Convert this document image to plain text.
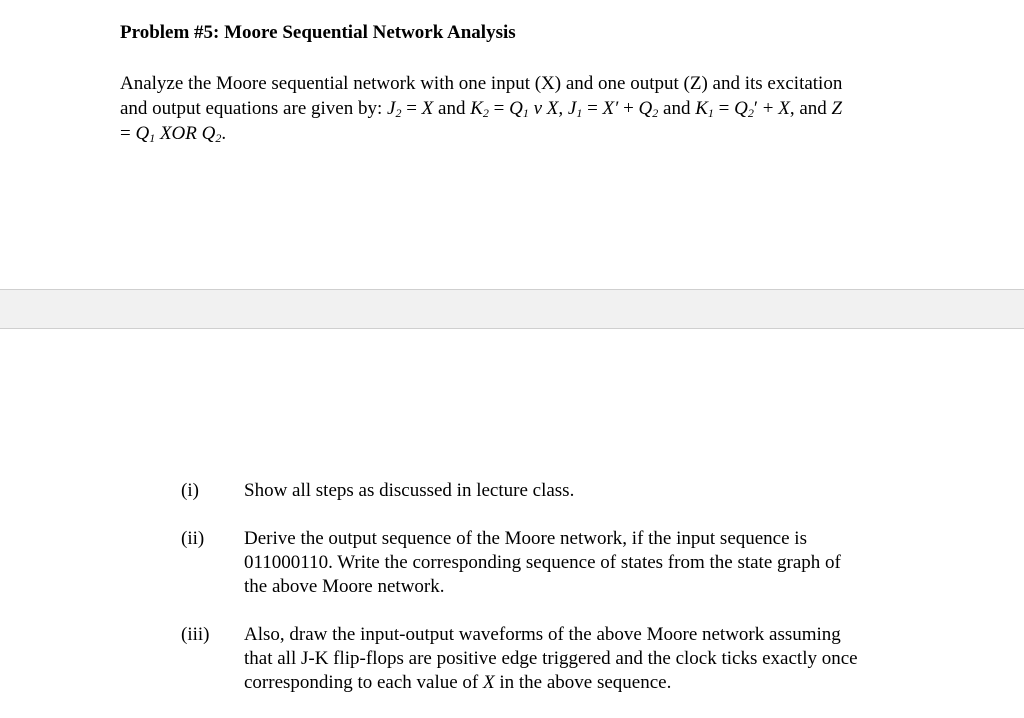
Problem #5: Moore Sequential Network Analysis
Analyze the Moore sequential network with one input (X) and one output (Z) and its excitation
and output equations are given by: $J_2 = X$ and $K_2 = Q_1$ v X, $J_1 = X' + Q_2$ and $K_1 = Q_2' + X$, and Z
= $Q_1$ XOR $Q_2$.
(i) Show all steps as discussed in lecture class.
(ii) Derive the output sequence of the Moore network, if the input sequence is
011000110. Write the corresponding sequence of states from the state graph of
the above Moore network.
(iii) Also, draw the input-output waveforms of the above Moore network assuming
that all J-K flip-flops are positive edge triggered and the clock ticks exactly once
corresponding to each value of X in the above sequence.
